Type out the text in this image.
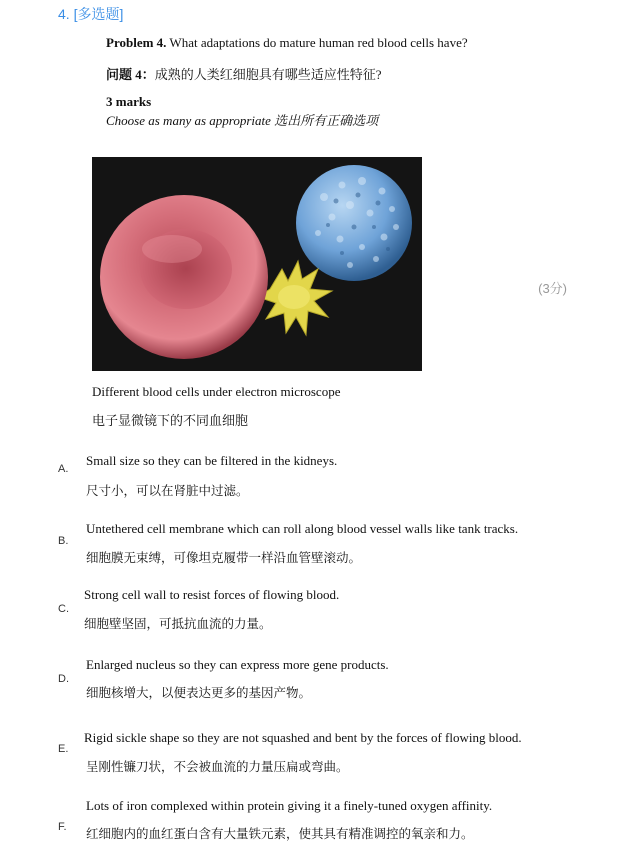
4. [多选题]
Problem 4. What adaptations do mature human red blood cells have?
问题 4：成熟的人类红细胞具有哪些适应性特征?
3 marks
Choose as many as appropriate 选出所有正确选项
(3分)
Different blood cells under electron microscope
电子显微镜下的不同血细胞
A.
Small size so they can be filtered in the kidneys.
尺寸小，可以在肾脏中过滤。
B.
Untethered cell membrane which can roll along blood vessel walls like tank tracks.
细胞膜无束缚，可像坦克履带一样沿血管壁滚动。
C.
Strong cell wall to resist forces of flowing blood.
细胞壁坚固，可抵抗血流的力量。
D.
Enlarged nucleus so they can express more gene products.
细胞核增大，以便表达更多的基因产物。
E.
Rigid sickle shape so they are not squashed and bent by the forces of flowing blood.
呈刚性镰刀状，不会被血流的力量压扁或弯曲。
F.
Lots of iron complexed within protein giving it a finely-tuned oxygen affinity.
红细胞内的血红蛋白含有大量铁元素，使其具有精准调控的氧亲和力。
